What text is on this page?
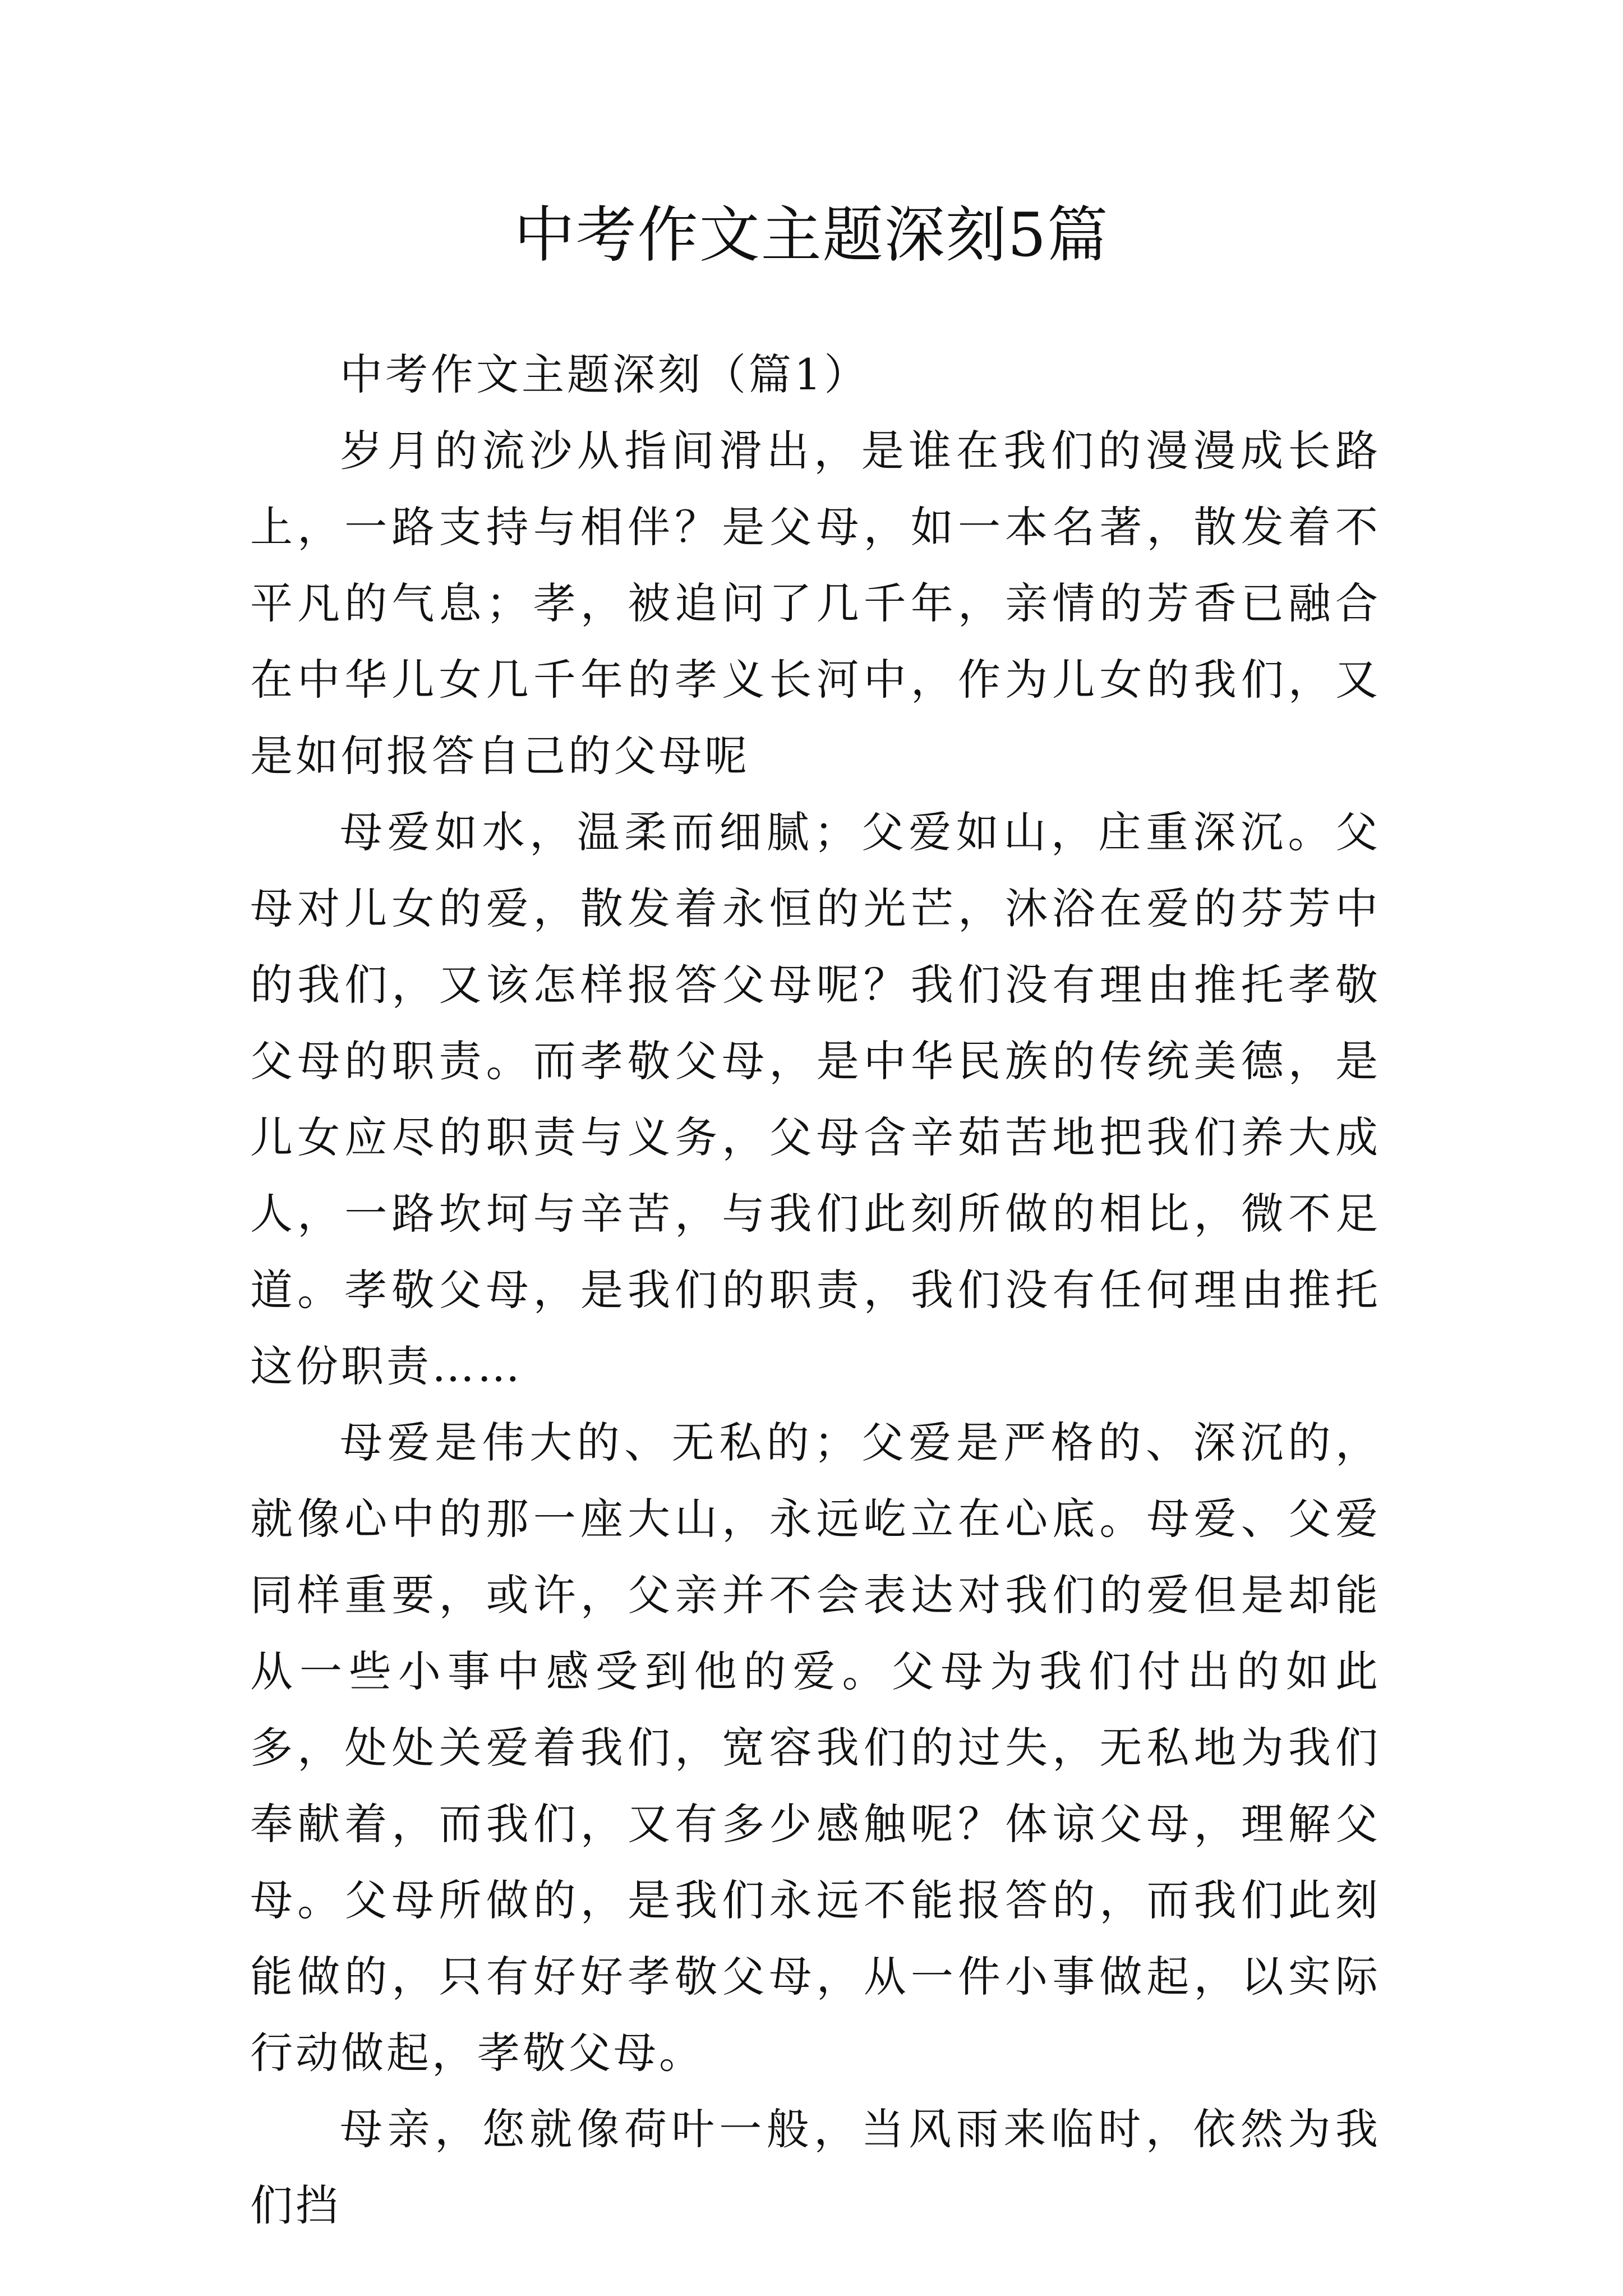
中考作文主题深刻5篇

中考作文主题深刻（篇1）

岁月的流沙从指间滑出，是谁在我们的漫漫成长路上，一路支持与相伴？是父母，如一本名著，散发着不平凡的气息；孝，被追问了几千年，亲情的芳香已融合在中华儿女几千年的孝义长河中，作为儿女的我们，又是如何报答自己的父母呢

母爱如水，温柔而细腻；父爱如山，庄重深沉。父母对儿女的爱，散发着永恒的光芒，沐浴在爱的芬芳中的我们，又该怎样报答父母呢？我们没有理由推托孝敬父母的职责。而孝敬父母，是中华民族的传统美德，是儿女应尽的职责与义务，父母含辛茹苦地把我们养大成人，一路坎坷与辛苦，与我们此刻所做的相比，微不足道。孝敬父母，是我们的职责，我们没有任何理由推托这份职责……

母爱是伟大的、无私的；父爱是严格的、深沉的，就像心中的那一座大山，永远屹立在心底。母爱、父爱同样重要，或许，父亲并不会表达对我们的爱但是却能从一些小事中感受到他的爱。父母为我们付出的如此多，处处关爱着我们，宽容我们的过失，无私地为我们奉献着，而我们，又有多少感触呢？体谅父母，理解父母。父母所做的，是我们永远不能报答的，而我们此刻能做的，只有好好孝敬父母，从一件小事做起，以实际行动做起，孝敬父母。

母亲，您就像荷叶一般，当风雨来临时，依然为我们挡
